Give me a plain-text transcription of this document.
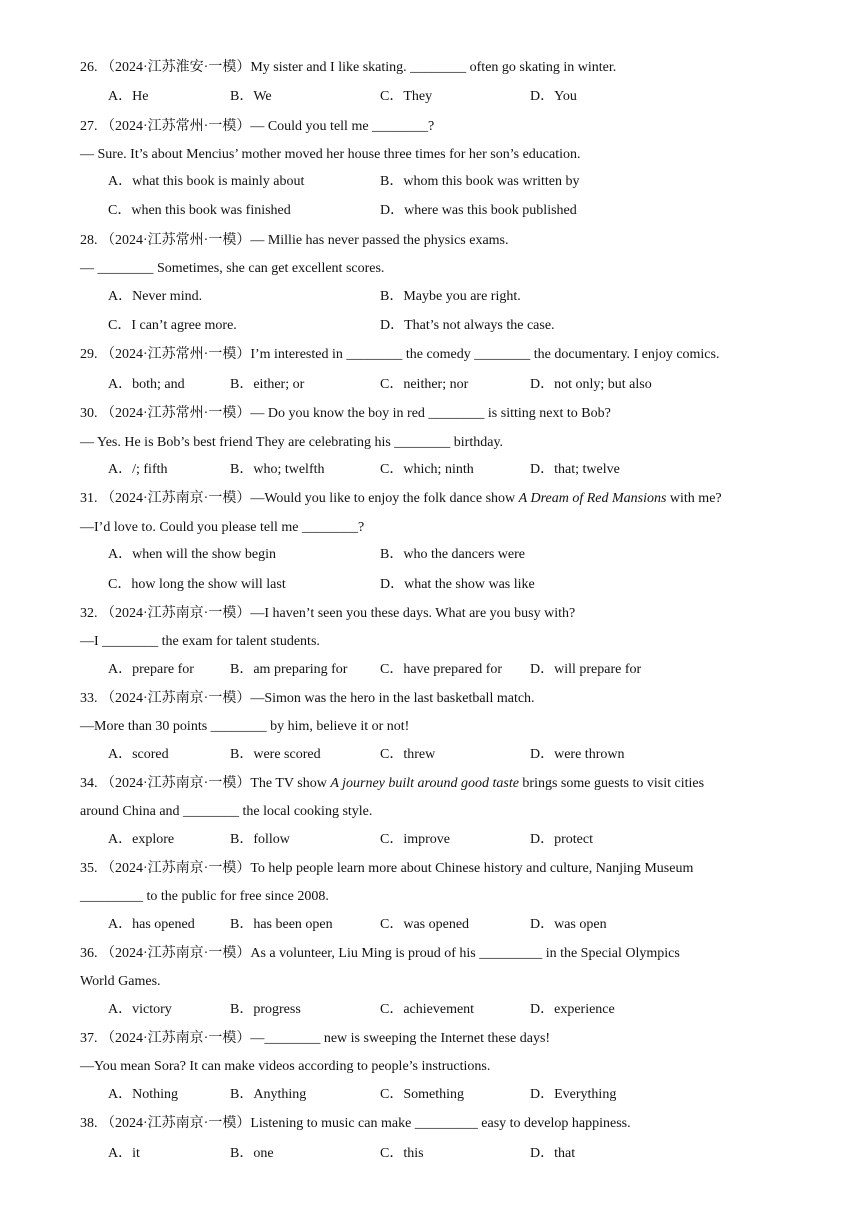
26. （2024·江苏淮安·一模）My sister and I like skating. ________ often go skating in winter.
A．He	B．We	C．They	D．You
27. （2024·江苏常州·一模）— Could you tell me ________?
— Sure. It’s about Mencius’ mother moved her house three times for her son’s education.
A．what this book is mainly about	B．whom this book was written by
C．when this book was finished	D．where was this book published
28. （2024·江苏常州·一模）— Millie has never passed the physics exams.
— ________ Sometimes, she can get excellent scores.
A．Never mind.	B．Maybe you are right.
C．I can’t agree more.	D．That’s not always the case.
29. （2024·江苏常州·一模）I’m interested in ________ the comedy ________ the documentary. I enjoy comics.
A．both; and	B．either; or	C．neither; nor	D．not only; but also
30. （2024·江苏常州·一模）— Do you know the boy in red ________ is sitting next to Bob?
— Yes. He is Bob’s best friend They are celebrating his ________ birthday.
A．/; fifth	B．who; twelfth	C．which; ninth	D．that; twelve
31. （2024·江苏南京·一模）—Would you like to enjoy the folk dance show A Dream of Red Mansions with me?
—I’d love to. Could you please tell me ________?
A．when will the show begin	B．who the dancers were
C．how long the show will last	D．what the show was like
32. （2024·江苏南京·一模）—I haven’t seen you these days. What are you busy with?
—I ________ the exam for talent students.
A．prepare for	B．am preparing for C．have prepared for D．will prepare for
33. （2024·江苏南京·一模）—Simon was the hero in the last basketball match.
—More than 30 points ________ by him, believe it or not!
A．scored	B．were scored	C．threw	D．were thrown
34. （2024·江苏南京·一模）The TV show A journey built around good taste brings some guests to visit cities
around China and ________ the local cooking style.
A．explore	B．follow	C．improve	D．protect
35. （2024·江苏南京·一模）To help people learn more about Chinese history and culture, Nanjing Museum
_________ to the public for free since 2008.
A．has opened	B．has been open	C．was opened	D．was open
36. （2024·江苏南京·一模）As a volunteer, Liu Ming is proud of his _________ in the Special Olympics
World Games.
A．victory	B．progress	C．achievement	D．experience
37. （2024·江苏南京·一模）—________ new is sweeping the Internet these days!
—You mean Sora? It can make videos according to people’s instructions.
A．Nothing	B．Anything	C．Something	D．Everything
38. （2024·江苏南京·一模）Listening to music can make _________ easy to develop happiness.
A．it	B．one	C．this	D．that
